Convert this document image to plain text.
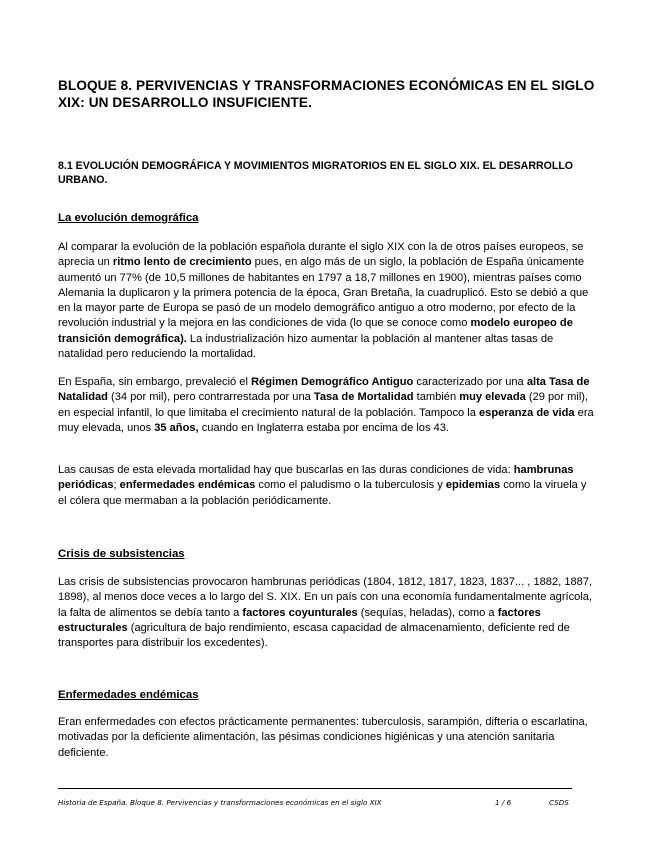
BLOQUE 8. PERVIVENCIAS Y TRANSFORMACIONES ECONÓMICAS EN EL SIGLO XIX: UN DESARROLLO INSUFICIENTE.
8.1 EVOLUCIÓN DEMOGRÁFICA Y MOVIMIENTOS MIGRATORIOS EN EL SIGLO XIX. EL DESARROLLO URBANO.
La evolución demográfica

Al comparar la evolución de la población española durante el siglo XIX con la de otros países europeos, se aprecia un ritmo lento de crecimiento pues, en algo más de un siglo, la población de España únicamente aumentó un 77% (de 10,5 millones de habitantes en 1797 a 18,7 millones en 1900), mientras países como Alemania la duplicaron y la primera potencia de la época, Gran Bretaña, la cuadruplicó. Esto se debió a que en la mayor parte de Europa se pasó de un modelo demográfico antiguo a otro moderno, por efecto de la revolución industrial y la mejora en las condiciones de vida (lo que se conoce como modelo europeo de transición demográfica). La industrialización hizo aumentar la población al mantener altas tasas de natalidad pero reduciendo la mortalidad.

En España, sin embargo, prevaleció el Régimen Demográfico Antiguo caracterizado por una alta Tasa de Natalidad (34 por mil), pero contrarrestada por una Tasa de Mortalidad también muy elevada (29 por mil), en especial infantil, lo que limitaba el crecimiento natural de la población. Tampoco la esperanza de vida era muy elevada, unos 35 años, cuando en Inglaterra estaba por encima de los 43.

Las causas de esta elevada mortalidad hay que buscarlas en las duras condiciones de vida: hambrunas periódicas; enfermedades endémicas como el paludismo o la tuberculosis y epidemias como la viruela y el cólera que mermaban a la población periódicamente.

Crisis de subsistencias

Las crisis de subsistencias provocaron hambrunas periódicas (1804, 1812, 1817, 1823, 1837... , 1882, 1887, 1898), al menos doce veces a lo largo del S. XIX. En un país con una economía fundamentalmente agrícola, la falta de alimentos se debía tanto a factores coyunturales (sequías, heladas), como a factores estructurales (agricultura de bajo rendimiento, escasa capacidad de almacenamiento, deficiente red de transportes para distribuir los excedentes).

Enfermedades endémicas

Eran enfermedades con efectos prácticamente permanentes: tuberculosis, sarampión, difteria o escarlatina, motivadas por la deficiente alimentación, las pésimas condiciones higiénicas y una atención sanitaria deficiente.

Historia de España. Bloque 8. Pervivencias y transformaciones económicas en el siglo XIX	1 / 6	CSDS
